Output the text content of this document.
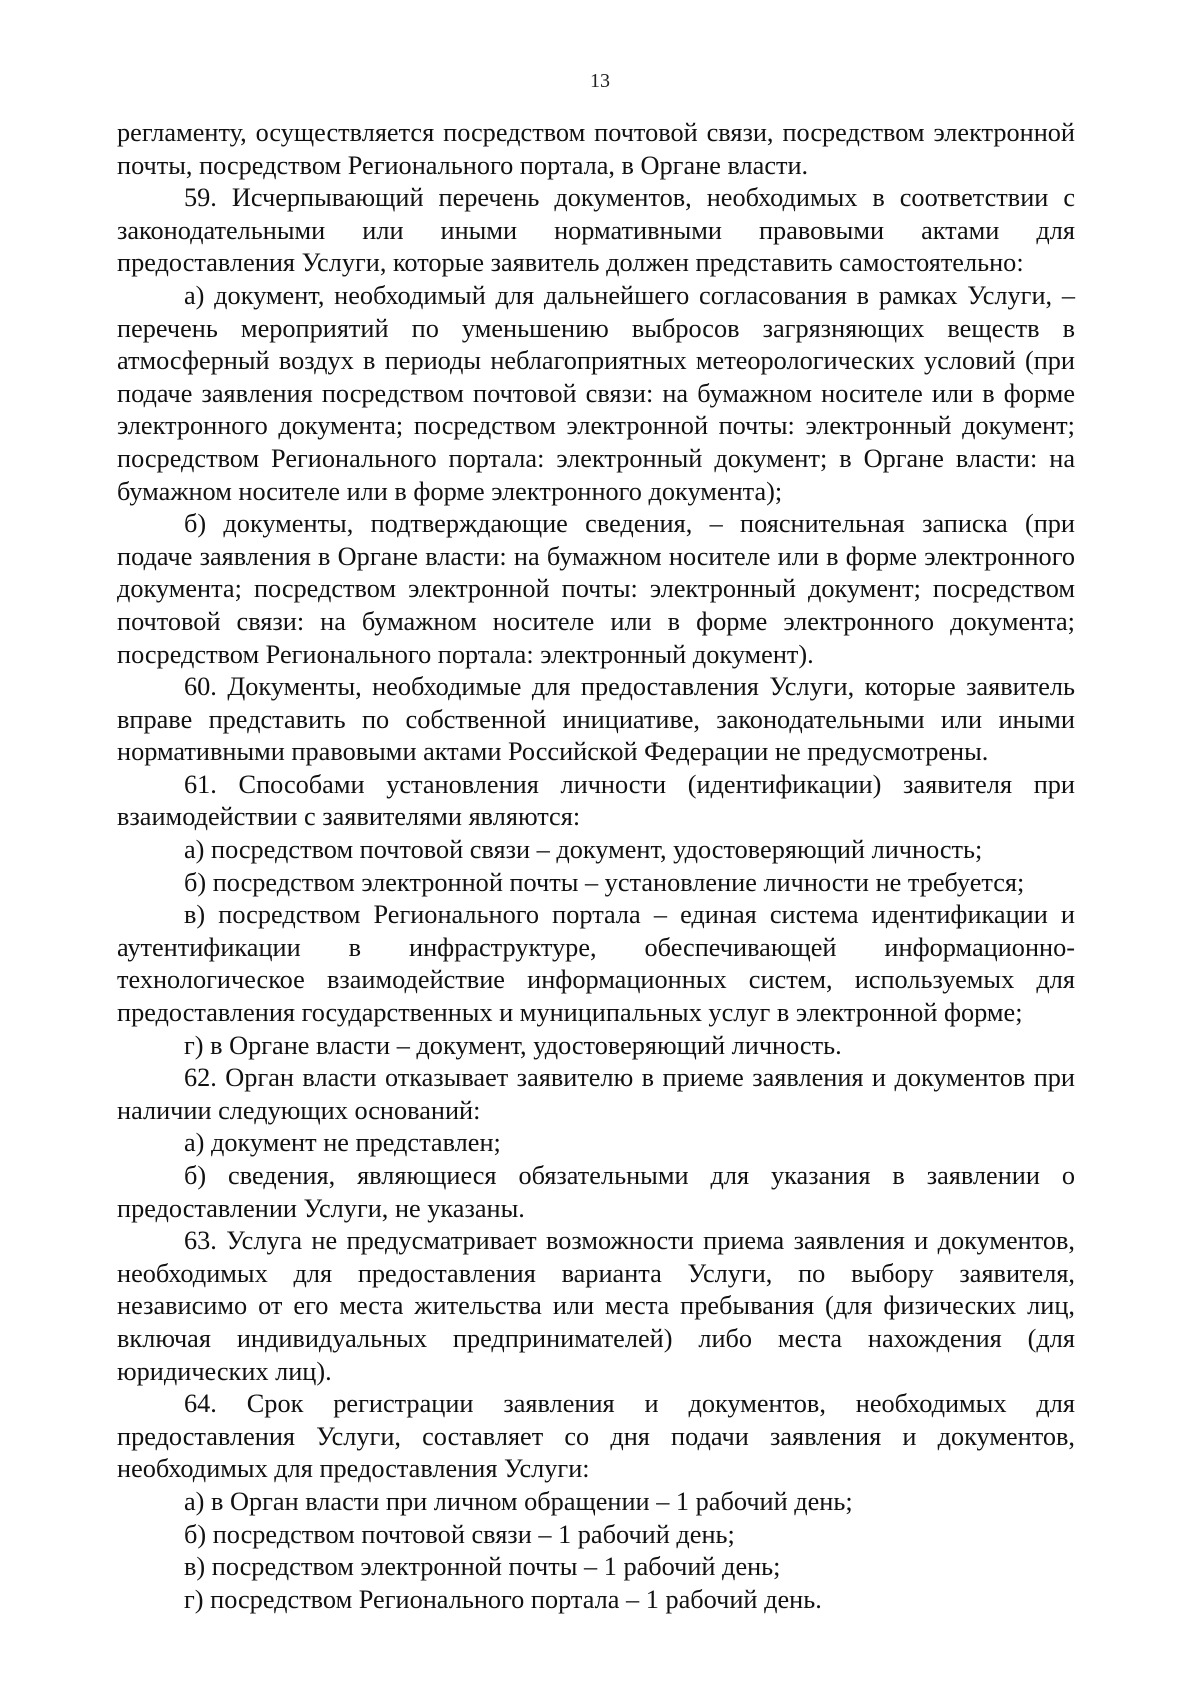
13

регламенту, осуществляется посредством почтовой связи, посредством электронной почты, посредством Регионального портала, в Органе власти.

59. Исчерпывающий перечень документов, необходимых в соответствии с законодательными или иными нормативными правовыми актами для предоставления Услуги, которые заявитель должен представить самостоятельно:

а) документ, необходимый для дальнейшего согласования в рамках Услуги, – перечень мероприятий по уменьшению выбросов загрязняющих веществ в атмосферный воздух в периоды неблагоприятных метеорологических условий (при подаче заявления посредством почтовой связи: на бумажном носителе или в форме электронного документа; посредством электронной почты: электронный документ; посредством Регионального портала: электронный документ; в Органе власти: на бумажном носителе или в форме электронного документа);

б) документы, подтверждающие сведения, – пояснительная записка (при подаче заявления в Органе власти: на бумажном носителе или в форме электронного документа; посредством электронной почты: электронный документ; посредством почтовой связи: на бумажном носителе или в форме электронного документа; посредством Регионального портала: электронный документ).

60. Документы, необходимые для предоставления Услуги, которые заявитель вправе представить по собственной инициативе, законодательными или иными нормативными правовыми актами Российской Федерации не предусмотрены.

61. Способами установления личности (идентификации) заявителя при взаимодействии с заявителями являются:

а) посредством почтовой связи – документ, удостоверяющий личность;

б) посредством электронной почты – установление личности не требуется;

в) посредством Регионального портала – единая система идентификации и аутентификации в инфраструктуре, обеспечивающей информационно-технологическое взаимодействие информационных систем, используемых для предоставления государственных и муниципальных услуг в электронной форме;

г) в Органе власти – документ, удостоверяющий личность.

62. Орган власти отказывает заявителю в приеме заявления и документов при наличии следующих оснований:

а) документ не представлен;

б) сведения, являющиеся обязательными для указания в заявлении о предоставлении Услуги, не указаны.

63. Услуга не предусматривает возможности приема заявления и документов, необходимых для предоставления варианта Услуги, по выбору заявителя, независимо от его места жительства или места пребывания (для физических лиц, включая индивидуальных предпринимателей) либо места нахождения (для юридических лиц).

64. Срок регистрации заявления и документов, необходимых для предоставления Услуги, составляет со дня подачи заявления и документов, необходимых для предоставления Услуги:

а) в Орган власти при личном обращении – 1 рабочий день;

б) посредством почтовой связи – 1 рабочий день;

в) посредством электронной почты – 1 рабочий день;

г) посредством Регионального портала – 1 рабочий день.
